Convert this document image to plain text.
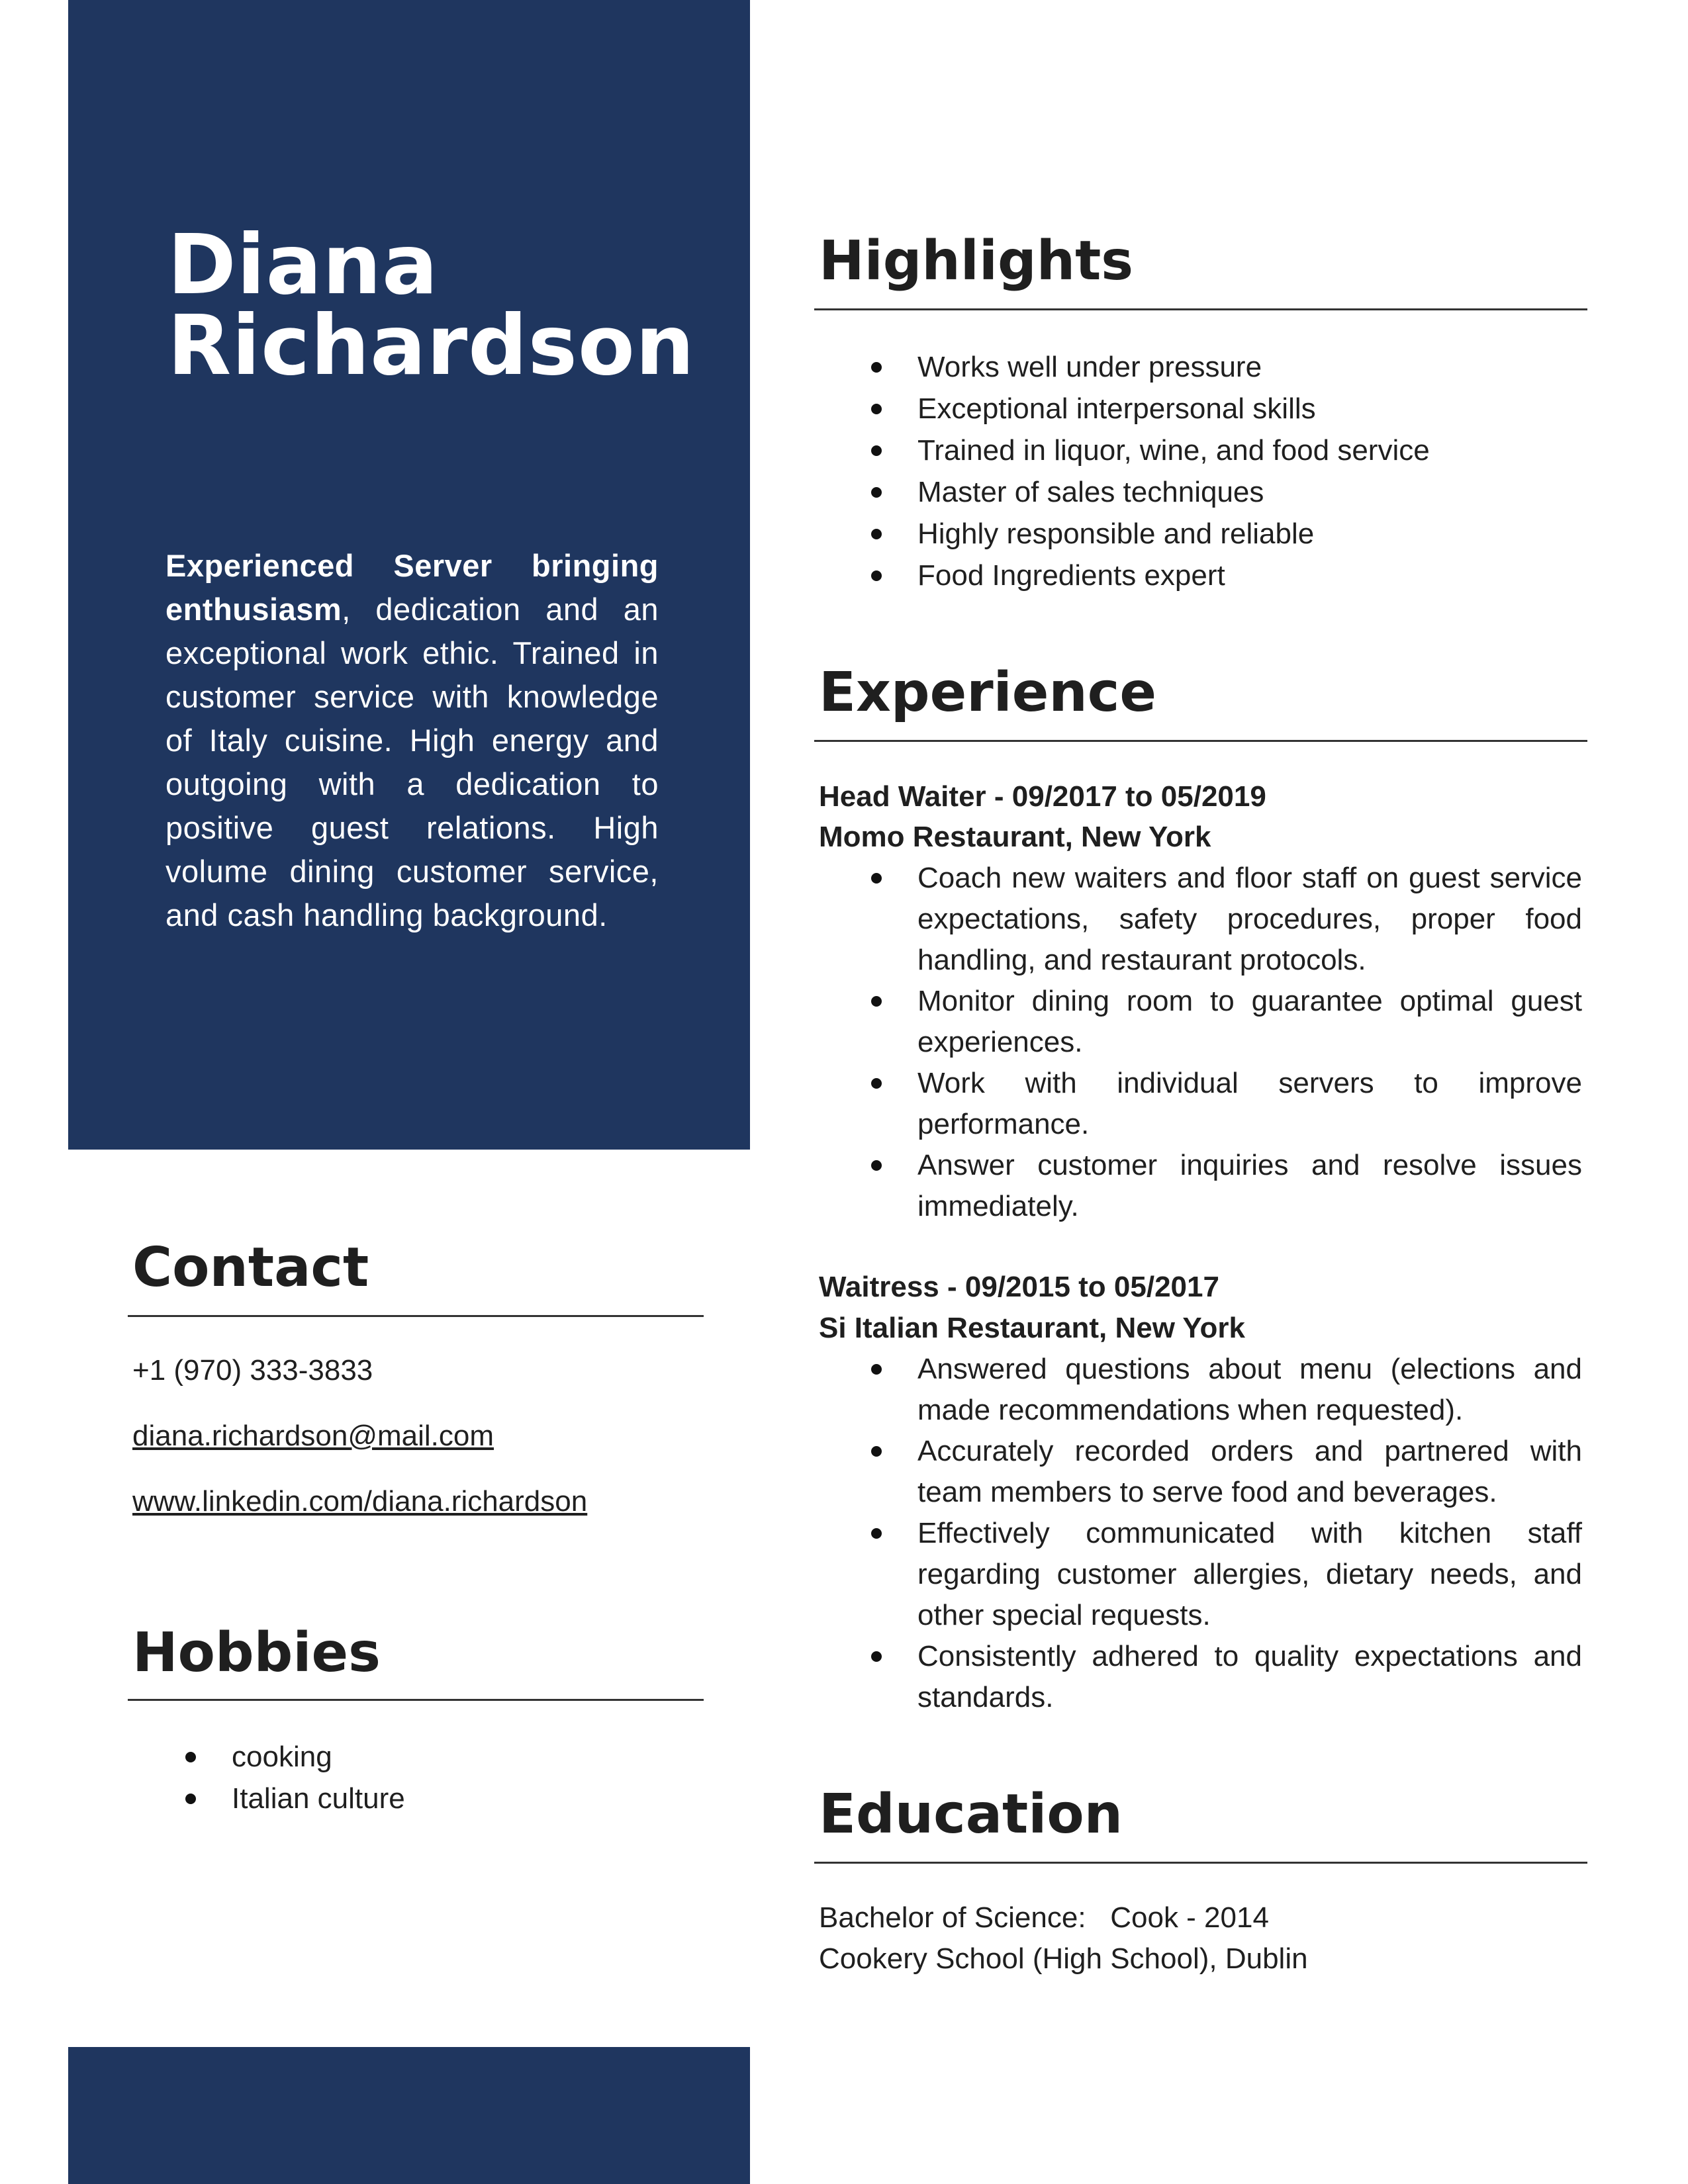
Diana
Richardson

Experienced Server bringing enthusiasm, dedication and an exceptional work ethic. Trained in customer service with knowledge of Italy cuisine. High energy and outgoing with a dedication to positive guest relations. High volume dining customer service, and cash handling background.

Contact

+1 (970) 333-3833

diana.richardson@mail.com

www.linkedin.com/diana.richardson

Hobbies
cooking
Italian culture
Highlights
Works well under pressure
Exceptional interpersonal skills
Trained in liquor, wine, and food service
Master of sales techniques
Highly responsible and reliable
Food Ingredients expert
Experience

Head Waiter - 09/2017 to 05/2019

Momo Restaurant, New York

Coach new waiters and floor staff on guest service expectations, safety procedures, proper food handling, and restaurant protocols.
Monitor dining room to guarantee optimal guest experiences.
Work with individual servers to improve performance.
Answer customer inquiries and resolve issues immediately.

Waitress - 09/2015 to 05/2017

Si Italian Restaurant, New York

Answered questions about menu (elections and made recommendations when requested).
Accurately recorded orders and partnered with team members to serve food and beverages.
Effectively communicated with kitchen staff regarding customer allergies, dietary needs, and other special requests.
Consistently adhered to quality expectations and standards.
Education

Bachelor of Science:   Cook - 2014

Cookery School (High School), Dublin
